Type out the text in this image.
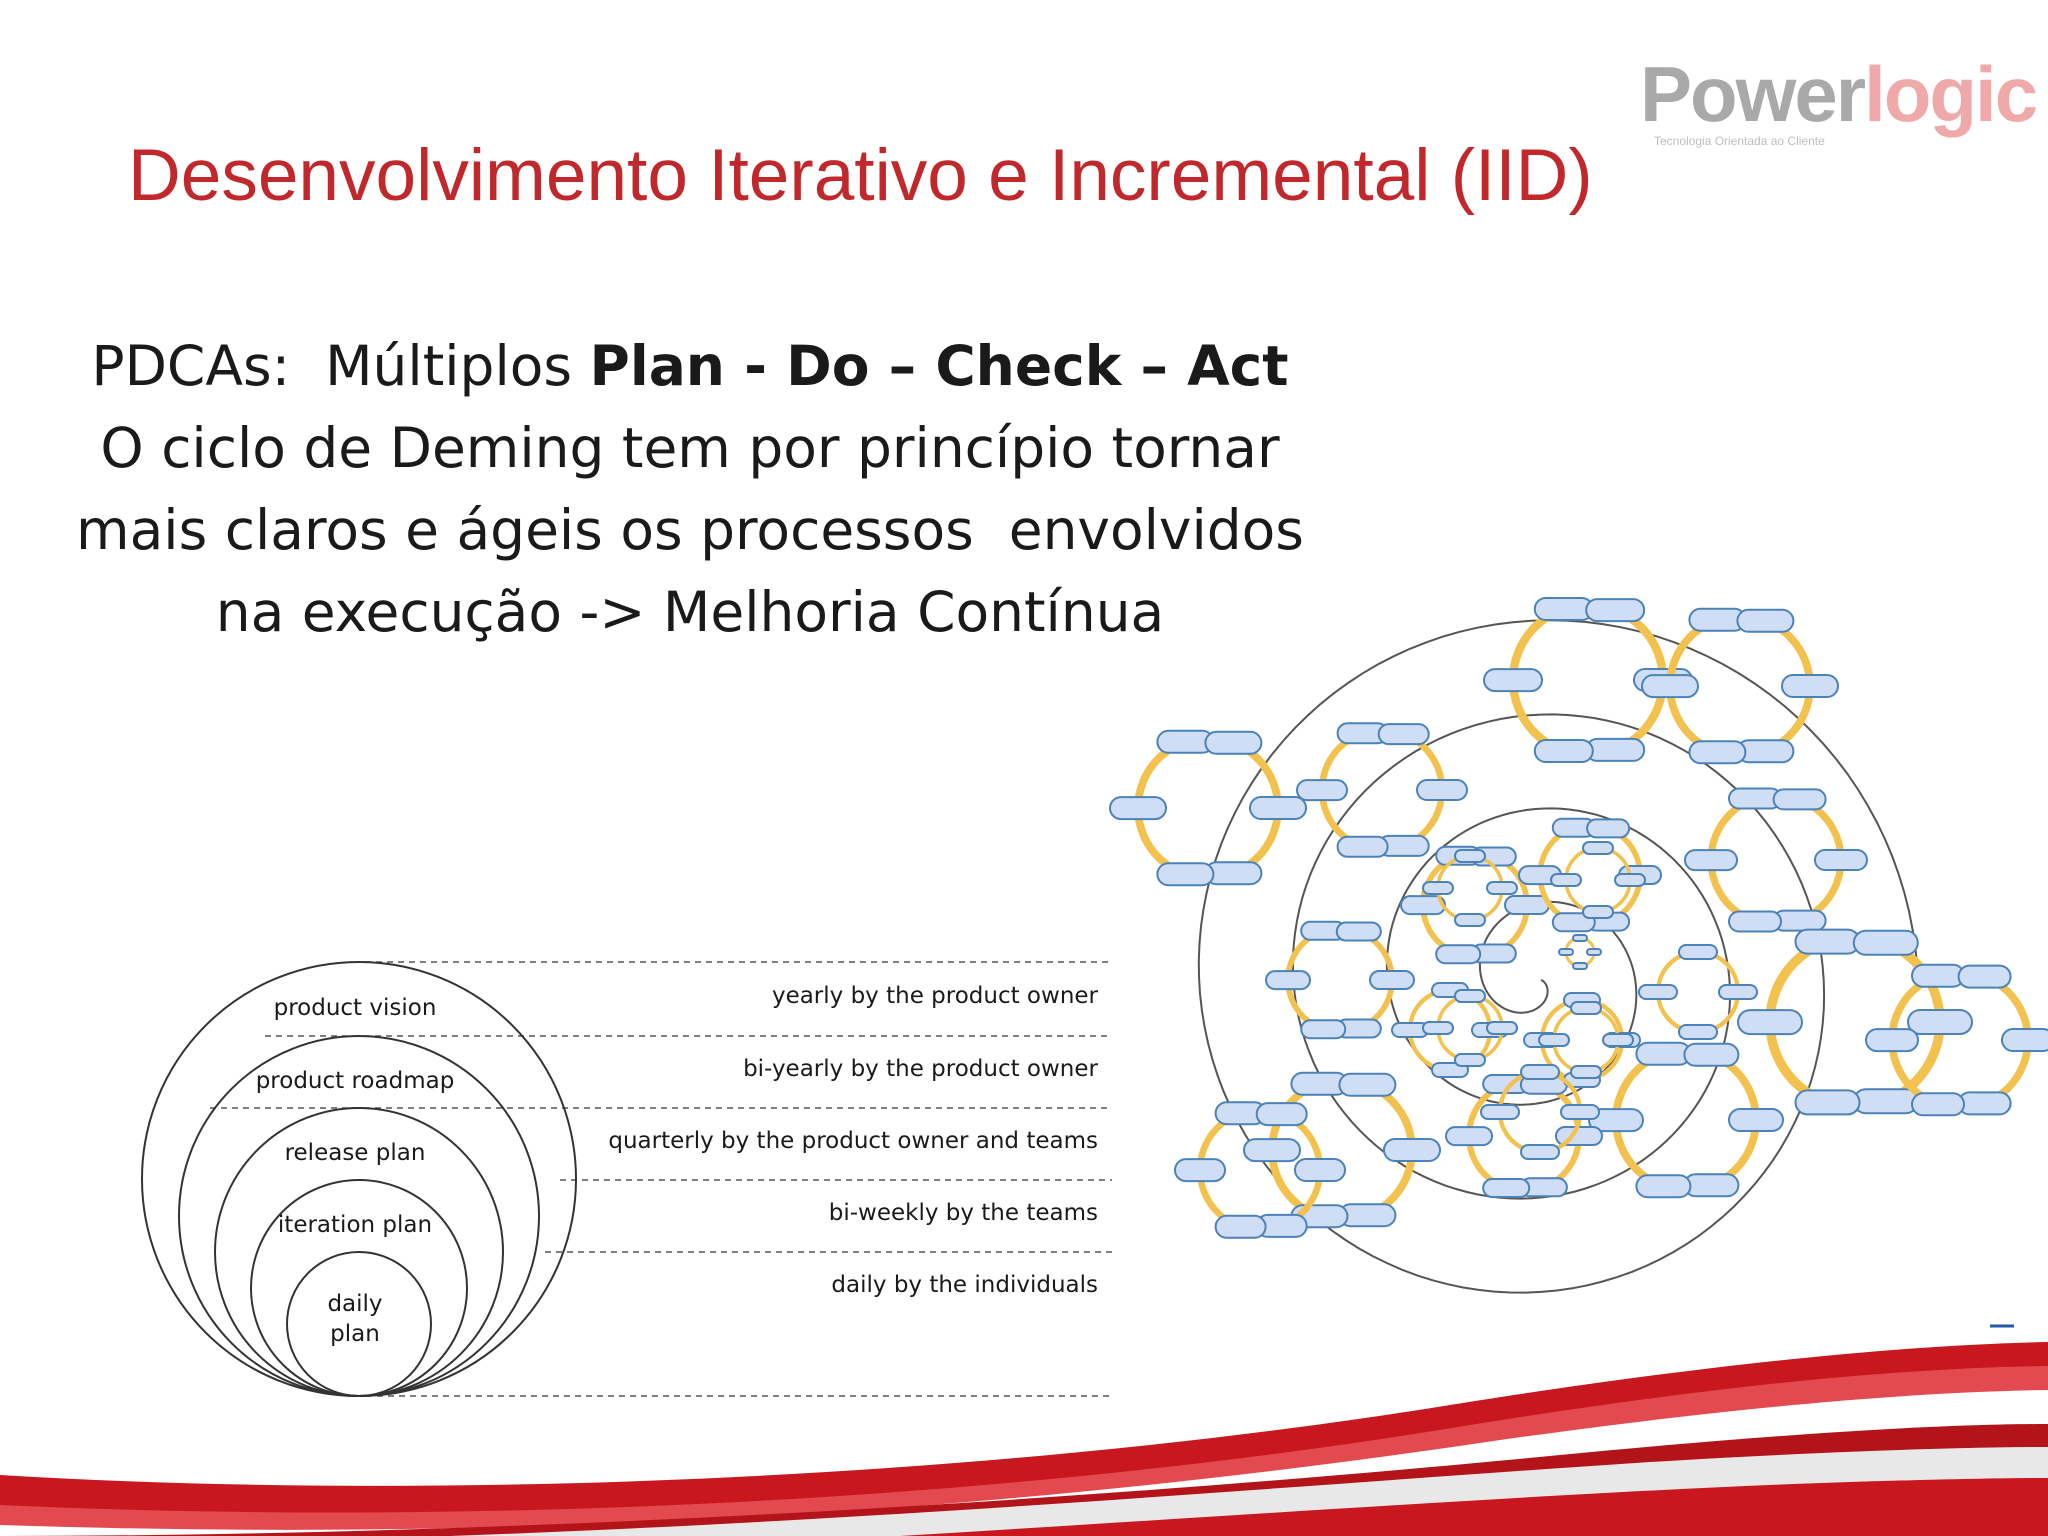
Powerlogic
Tecnologia Orientada ao Cliente
Desenvolvimento Iterativo e Incremental (IID)
PDCAs:  Múltiplos Plan - Do – Check – Act
O ciclo de Deming tem por princípio tornar
mais claros e ágeis os processos  envolvidos
na execução -> Melhoria Contínua
product vision
product roadmap
release plan
iteration plan
daily
plan
yearly by the product owner
bi-yearly by the product owner
quarterly by the product owner and teams
bi-weekly by the teams
daily by the individuals
